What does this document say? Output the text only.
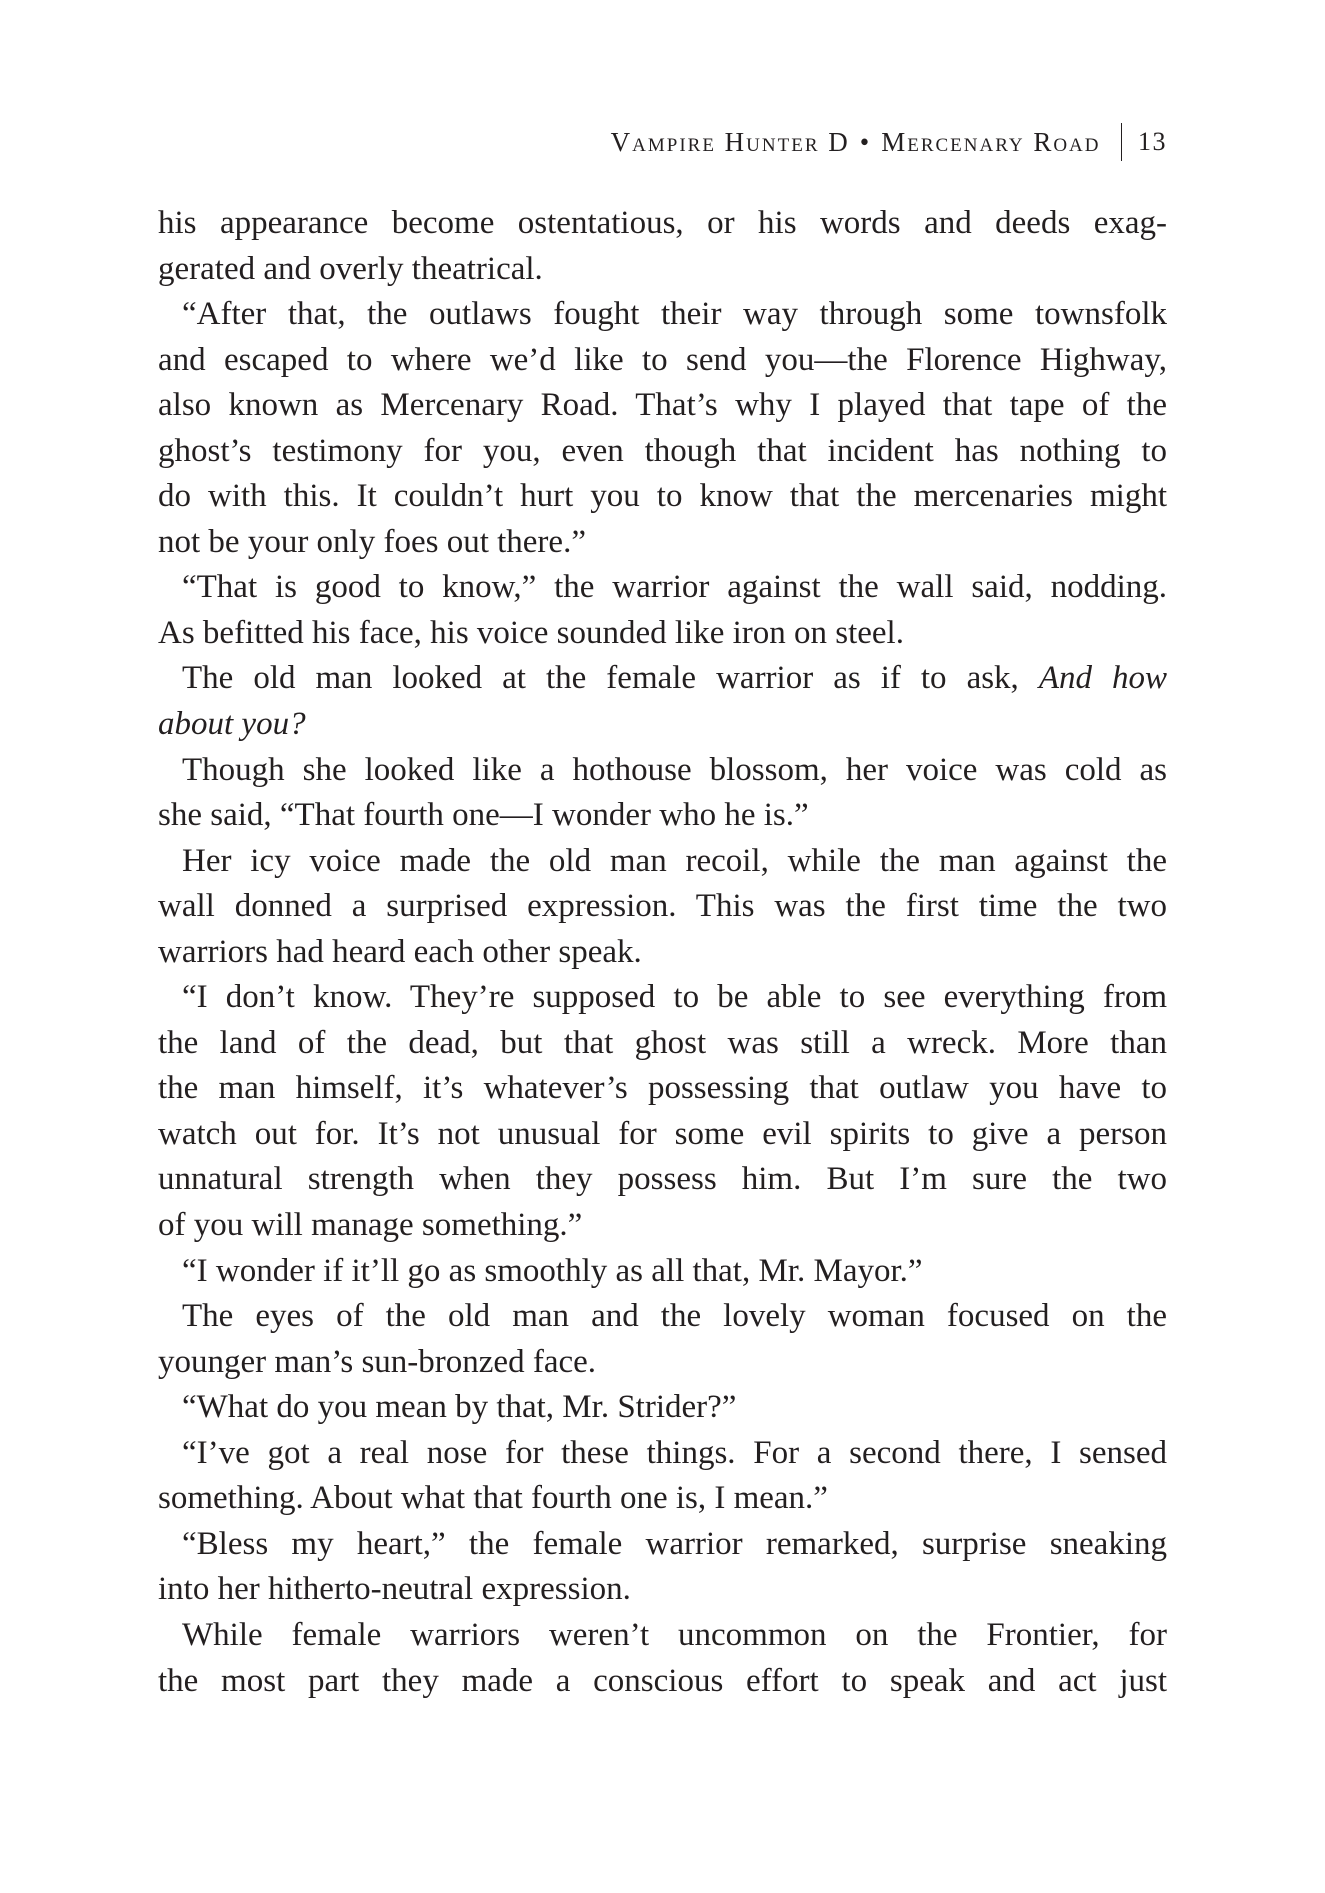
Vampire Hunter D • Mercenary Road 13
his appearance become ostentatious, or his words and deeds exag-
gerated and overly theatrical.
“After that, the outlaws fought their way through some townsfolk
and escaped to where we’d like to send you—the Florence Highway,
also known as Mercenary Road. That’s why I played that tape of the
ghost’s testimony for you, even though that incident has nothing to
do with this. It couldn’t hurt you to know that the mercenaries might
not be your only foes out there.”
“That is good to know,” the warrior against the wall said, nodding.
As befitted his face, his voice sounded like iron on steel.
The old man looked at the female warrior as if to ask, And how
about you?
Though she looked like a hothouse blossom, her voice was cold as
she said, “That fourth one—I wonder who he is.”
Her icy voice made the old man recoil, while the man against the
wall donned a surprised expression. This was the first time the two
warriors had heard each other speak.
“I don’t know. They’re supposed to be able to see everything from
the land of the dead, but that ghost was still a wreck. More than
the man himself, it’s whatever’s possessing that outlaw you have to
watch out for. It’s not unusual for some evil spirits to give a person
unnatural strength when they possess him. But I’m sure the two
of you will manage something.”
“I wonder if it’ll go as smoothly as all that, Mr. Mayor.”
The eyes of the old man and the lovely woman focused on the
younger man’s sun-bronzed face.
“What do you mean by that, Mr. Strider?”
“I’ve got a real nose for these things. For a second there, I sensed
something. About what that fourth one is, I mean.”
“Bless my heart,” the female warrior remarked, surprise sneaking
into her hitherto-neutral expression.
While female warriors weren’t uncommon on the Frontier, for
the most part they made a conscious effort to speak and act just
